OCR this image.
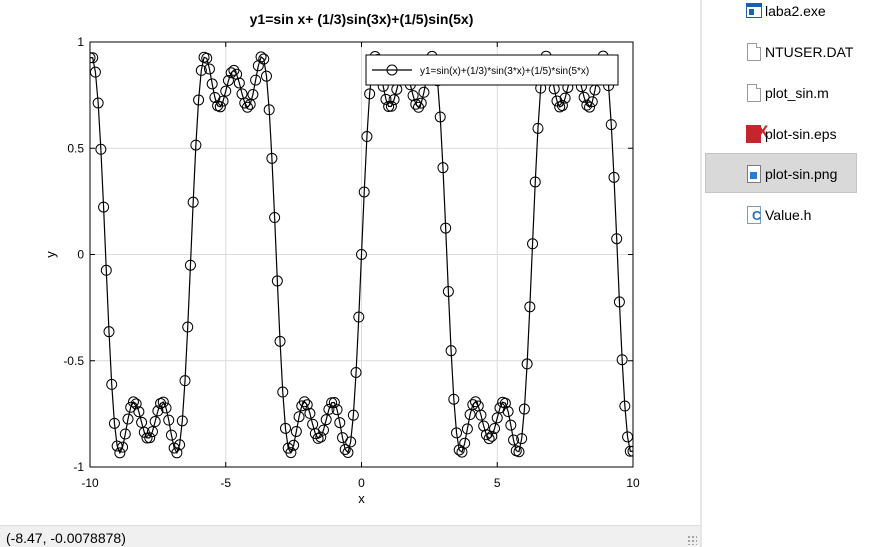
y1=sin x+ (1/3)sin(3x)+(1/5)sin(5x)
-10	-5	0	5	10
-1
-0.5
0
0.5
1
x
y
y1=sin(x)+(1/3)*sin(3*x)+(1/5)*sin(5*x)
(-8.47, -0.0078878)
laba2.exe
NTUSER.DAT
plot_sin.m
X
plot-sin.eps
plot-sin.png
C Value.h
